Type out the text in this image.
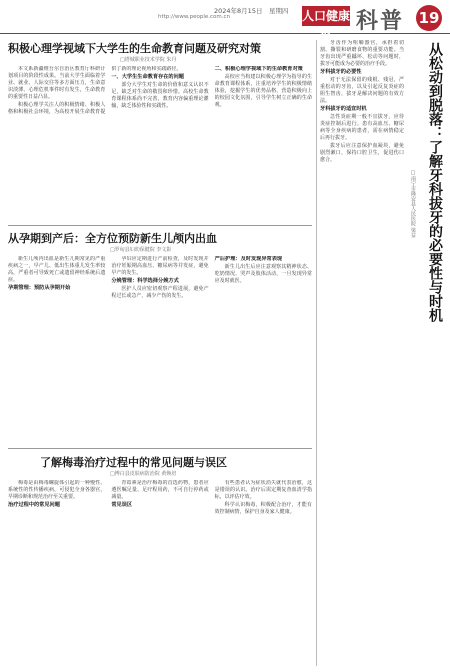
2024年8月15日　星期四
http://www.people.com.cn	人口健康报
科普 19
积极心理学视域下大学生的生命教育问题及研究对策
□塔城职业技术学院 朱丹

本文系新疆维吾尔自治区教育厅科研计划项目的阶段性成果。当前大学生面临着学业、就业、人际交往等多方面压力，生命意识淡薄、心理危机事件时有发生，生命教育的重要性日益凸显。

积极心理学关注人的积极情绪、积极人格和积极社会环境，为高校开展生命教育提供了新的理论视角和实践路径。

一、大学生生命教育存在的问题

部分大学生对生命的价值和意义认识不足，缺乏对生命的敬畏和珍惜。高校生命教育课程体系尚不完善，教育内容偏重理论灌输，缺乏体验性和实践性。

二、积极心理学视域下的生命教育对策

高校应当构建以积极心理学为指导的生命教育课程体系，注重培养学生的积极情绪体验，挖掘学生的优势品格，营造积极向上的校园文化氛围，引导学生树立正确的生命观。

从孕期到产后：全方位预防新生儿颅内出血
□罗甸县妇幼保健院 李文影

新生儿颅内出血是新生儿期常见的严重疾病之一，早产儿、低出生体重儿发生率较高，严重者可导致死亡或遗留神经系统后遗症。

孕期管理：预防从孕期开始

孕妇应定期进行产前检查，及时发现并治疗妊娠期高血压、糖尿病等并发症，避免早产的发生。

分娩管理：科学选择分娩方式

医护人员应密切观察产程进展，避免产程过长或急产，减少产伤的发生。

产后护理：及时发现异常表现

新生儿出生后应注意观察其精神状态、吃奶情况、哭声及肢体活动，一旦发现异常应及时就医。

了解梅毒治疗过程中的常见问题与误区
□博白县皮肤病防治院 黄焕培

梅毒是由梅毒螺旋体引起的一种慢性、系统性的性传播疾病，可侵犯全身各器官，早期诊断和规范治疗至关重要。

治疗过程中的常见问题

青霉素是治疗梅毒的首选药物，患者应遵医嘱足量、足疗程用药，不可自行停药或减量。

常见误区

有些患者认为症状消失就代表治愈，这是错误的认识。治疗后需定期复查血清学指标，以评估疗效。

科学认识梅毒，积极配合治疗，才能有效控制病情，保护自身及家人健康。

从松动到脱落：了解牙科拔牙的必要性与时机
□南宁市隆安县人民医院 梁益

牙齿作为咀嚼器官，承担着切割、撕裂和研磨食物的重要功能。当牙齿出现严重龋坏、松动等问题时，拔牙可能成为必要的治疗手段。

牙科拔牙的必要性

对于无法保留的残根、残冠，严重松动的牙齿，以及引起反复炎症的阻生智齿，拔牙是解决问题的有效方法。

牙科拔牙的适宜时机

急性炎症期一般不宜拔牙，应待炎症控制后进行。患有高血压、糖尿病等全身疾病的患者，需在病情稳定后再行拔牙。

拔牙后应注意保护血凝块，避免剧烈漱口，保持口腔卫生，促进伤口愈合。
